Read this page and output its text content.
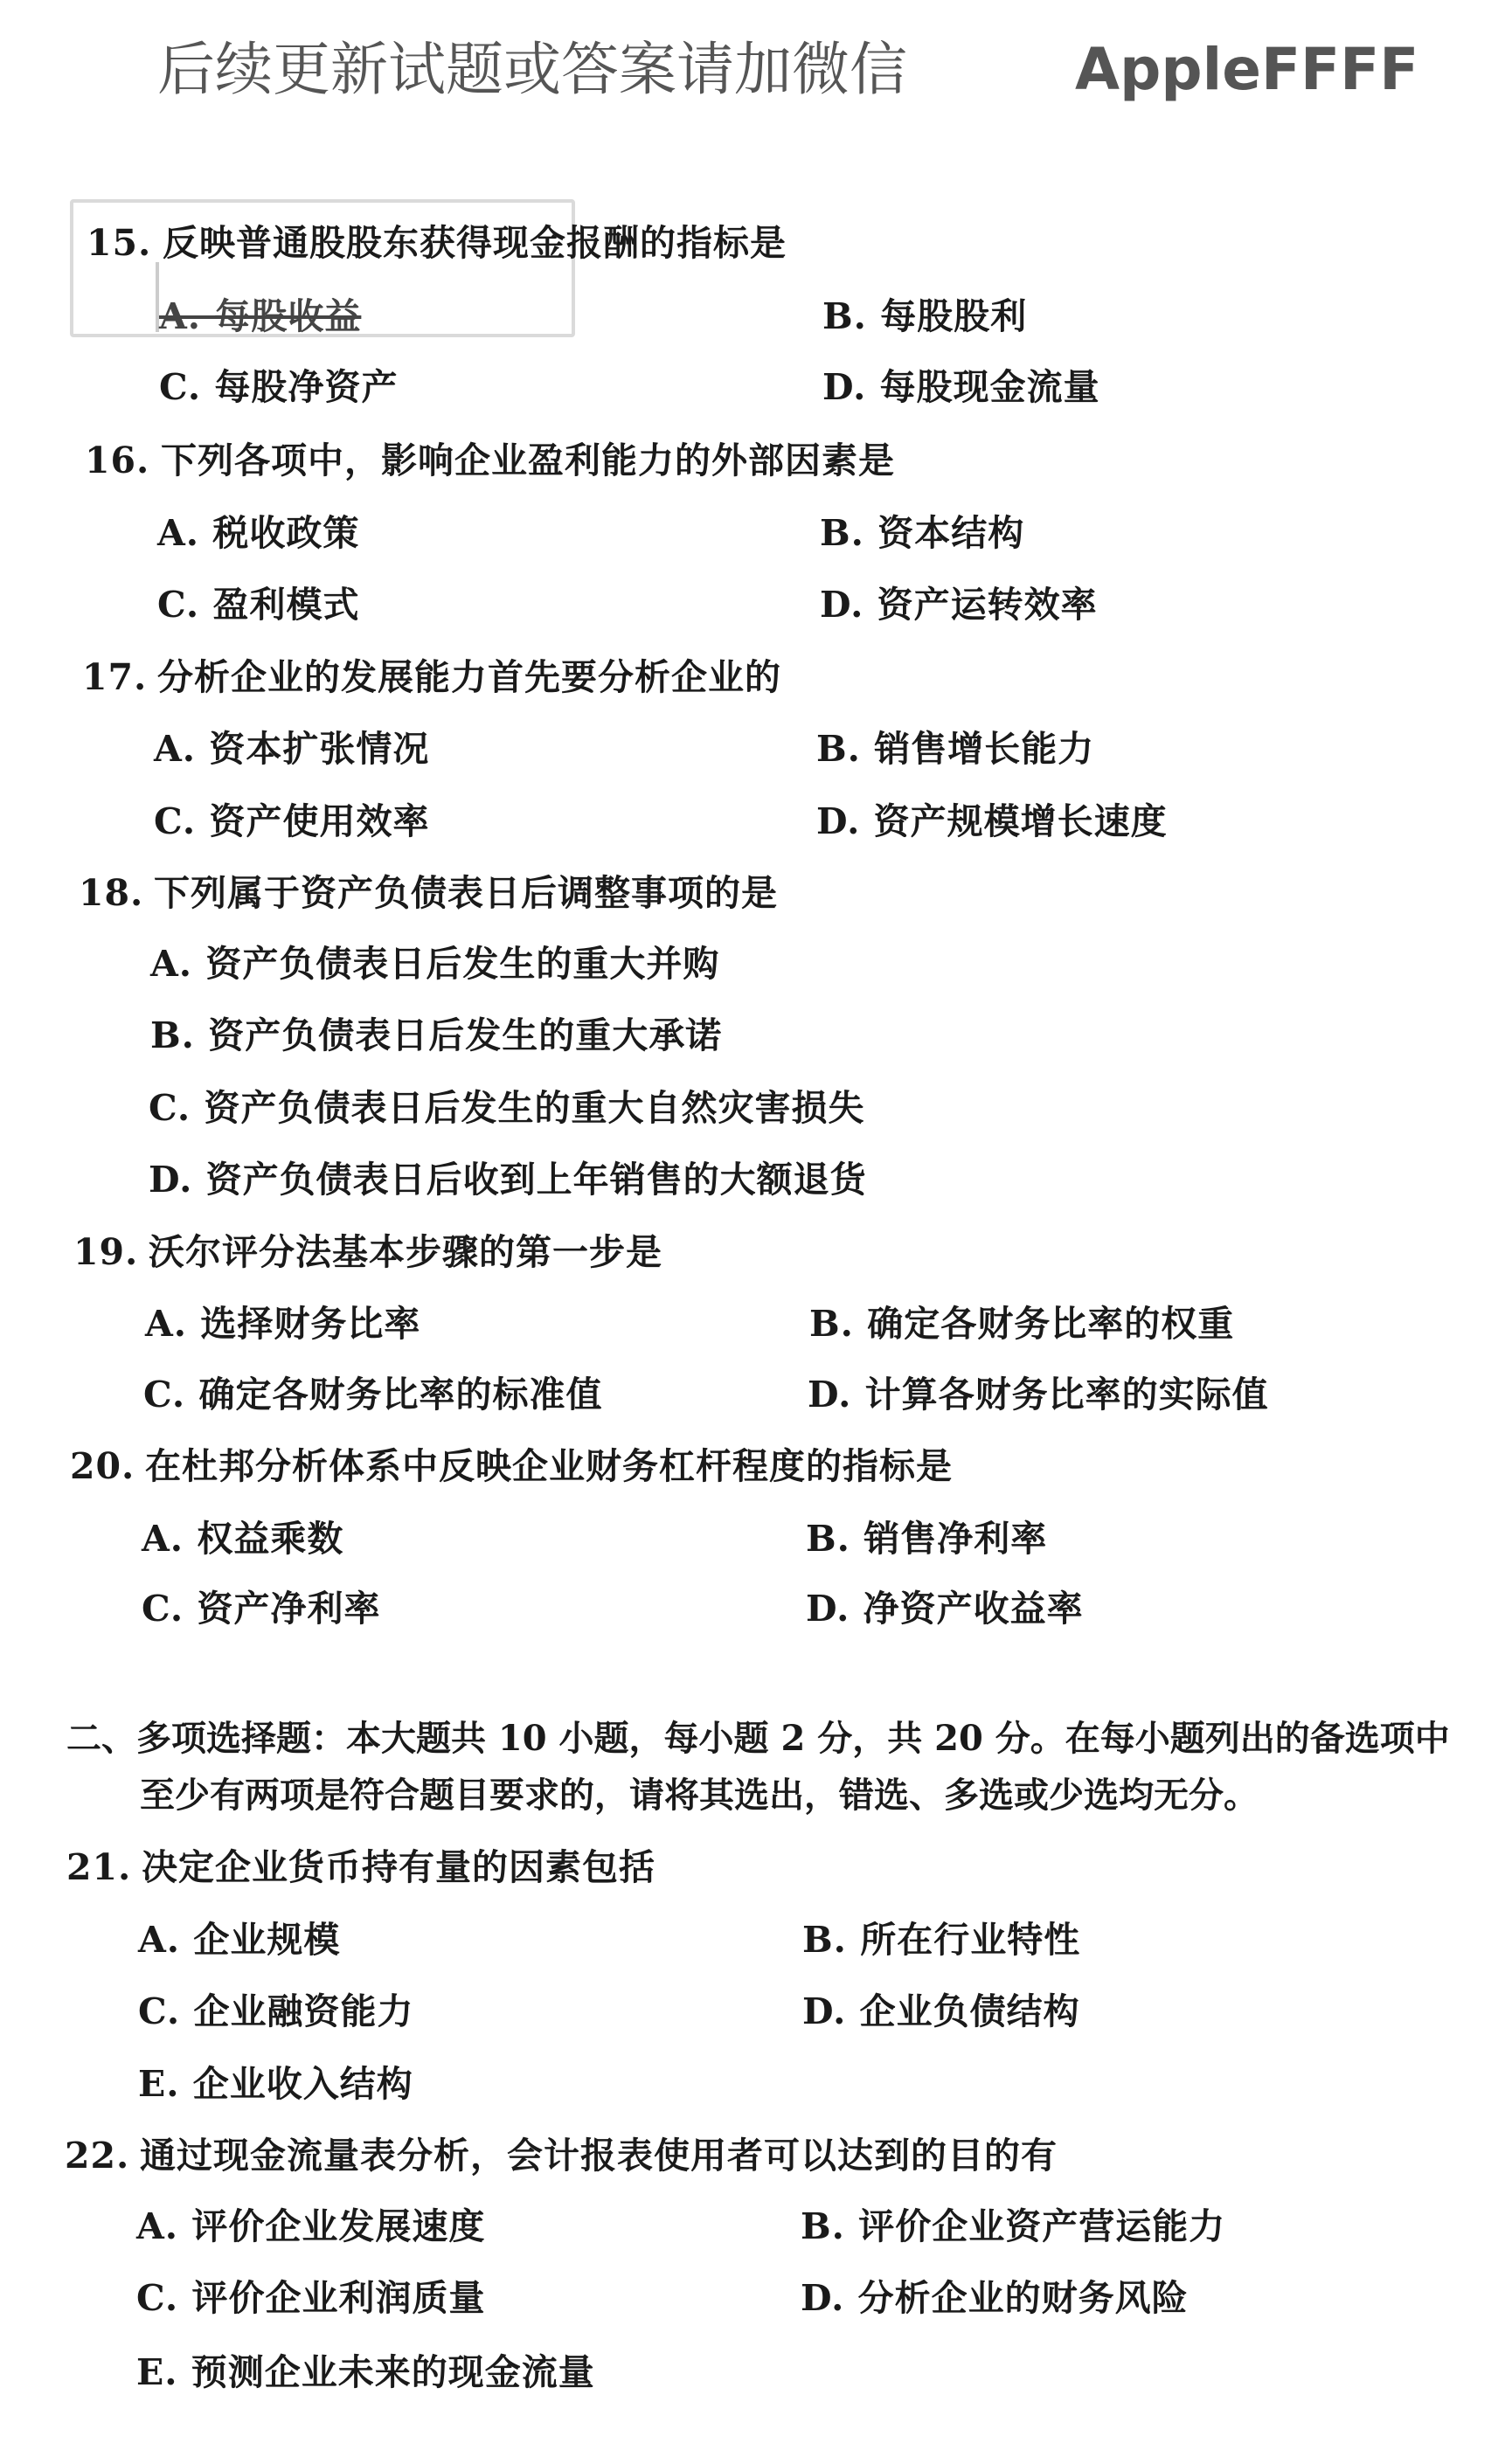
后续更新试题或答案请加微信	AppleFFFF
15. 反映普通股股东获得现金报酬的指标是
A. 每股收益	B. 每股股利
C. 每股净资产	D. 每股现金流量
16. 下列各项中，影响企业盈利能力的外部因素是
A. 税收政策	B. 资本结构
C. 盈利模式	D. 资产运转效率
17. 分析企业的发展能力首先要分析企业的
A. 资本扩张情况	B. 销售增长能力
C. 资产使用效率	D. 资产规模增长速度
18. 下列属于资产负债表日后调整事项的是
A. 资产负债表日后发生的重大并购
B. 资产负债表日后发生的重大承诺
C. 资产负债表日后发生的重大自然灾害损失
D. 资产负债表日后收到上年销售的大额退货
19. 沃尔评分法基本步骤的第一步是
A. 选择财务比率	B. 确定各财务比率的权重
C. 确定各财务比率的标准值	D. 计算各财务比率的实际值
20. 在杜邦分析体系中反映企业财务杠杆程度的指标是
A. 权益乘数	B. 销售净利率
C. 资产净利率	D. 净资产收益率
二、多项选择题：本大题共 10 小题，每小题 2 分，共 20 分。在每小题列出的备选项中
至少有两项是符合题目要求的，请将其选出，错选、多选或少选均无分。
21. 决定企业货币持有量的因素包括
A. 企业规模	B. 所在行业特性
C. 企业融资能力	D. 企业负债结构
E. 企业收入结构
22. 通过现金流量表分析，会计报表使用者可以达到的目的有
A. 评价企业发展速度	B. 评价企业资产营运能力
C. 评价企业利润质量	D. 分析企业的财务风险
E. 预测企业未来的现金流量
